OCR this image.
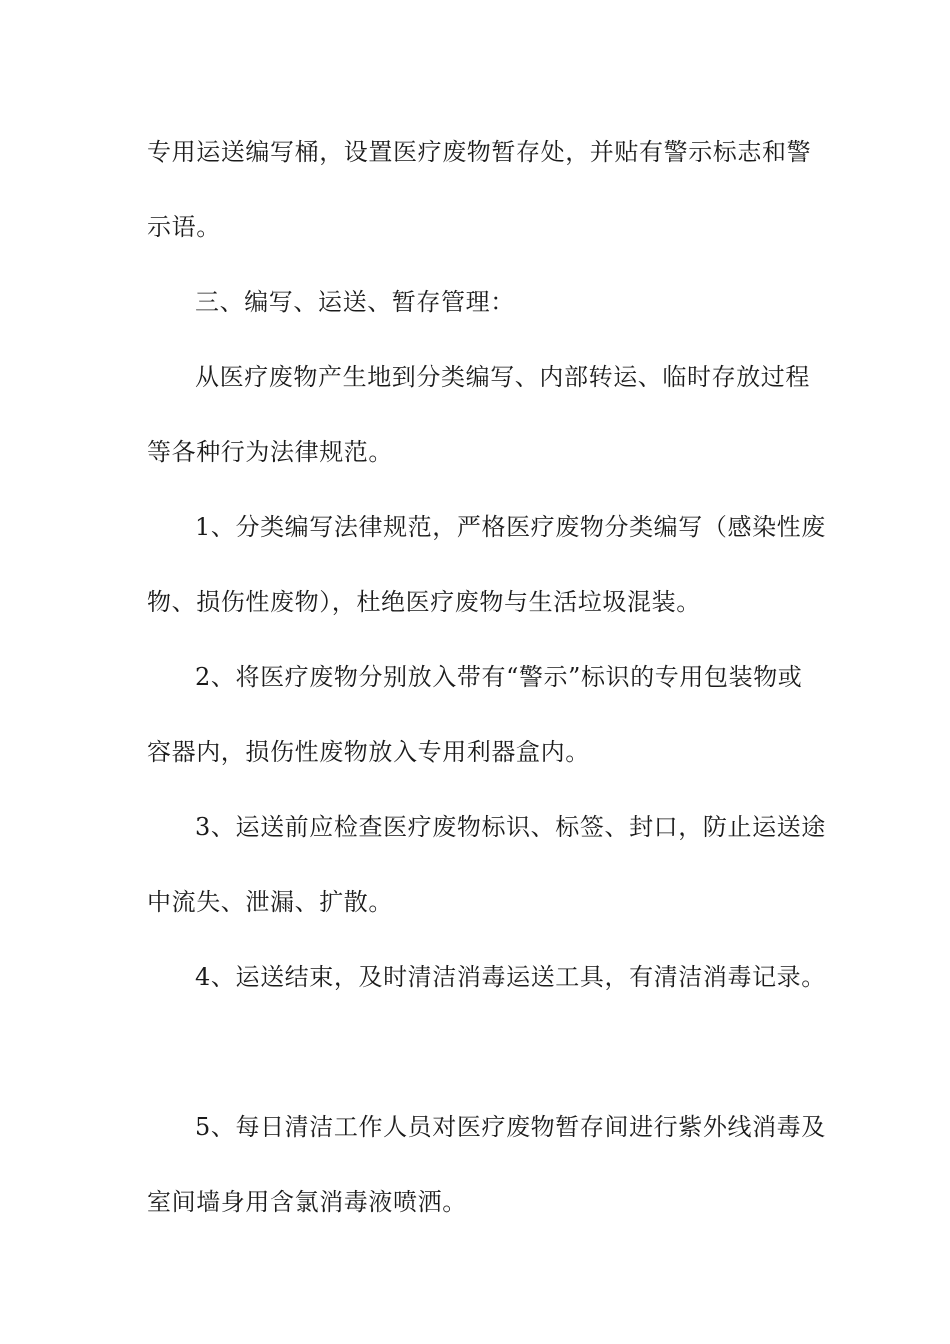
专用运送编写桶，设置医疗废物暂存处，并贴有警示标志和警
示语。
三、编写、运送、暂存管理：
从医疗废物产生地到分类编写、内部转运、临时存放过程
等各种行为法律规范。
1、分类编写法律规范，严格医疗废物分类编写（感染性废
物、损伤性废物），杜绝医疗废物与生活垃圾混装。
2、将医疗废物分别放入带有“警示”标识的专用包装物或
容器内，损伤性废物放入专用利器盒内。
3、运送前应检查医疗废物标识、标签、封口，防止运送途
中流失、泄漏、扩散。
4、运送结束，及时清洁消毒运送工具，有清洁消毒记录。
5、每日清洁工作人员对医疗废物暂存间进行紫外线消毒及
室间墙身用含氯消毒液喷洒。
